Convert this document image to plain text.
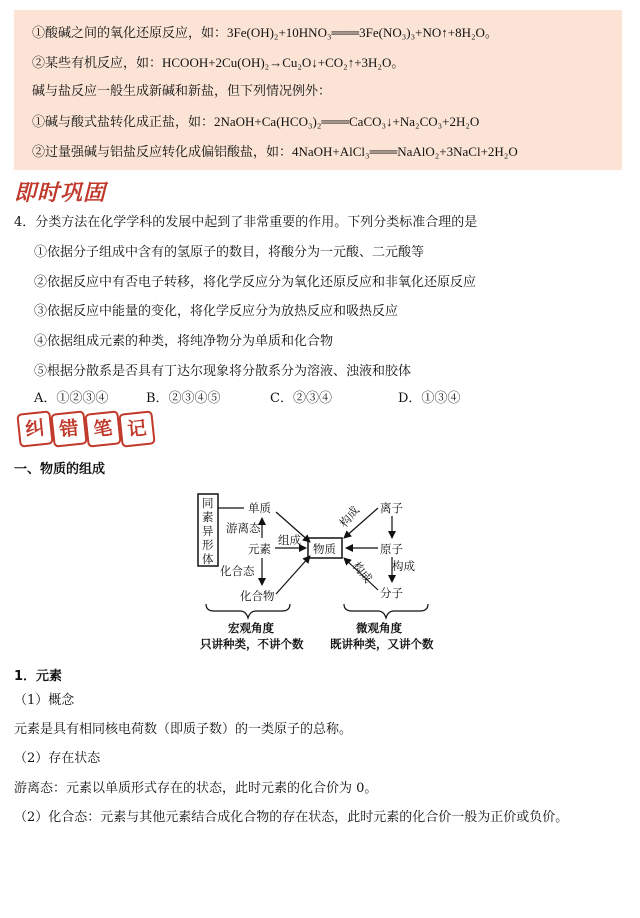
①酸碱之间的氧化还原反应，如：3Fe(OH)₂+10HNO₃═══3Fe(NO₃)₃+NO↑+8H₂O。
②某些有机反应，如：HCOOH+2Cu(OH)₂→Cu₂O↓+CO₂↑+3H₂O。
碱与盐反应一般生成新碱和新盐，但下列情况例外：
①碱与酸式盐转化成正盐，如：2NaOH+Ca(HCO₃)₂═══CaCO₃↓+Na₂CO₃+2H₂O
②过量强碱与铝盐反应转化成偏铝酸盐，如：4NaOH+AlCl₃═══NaAlO₂+3NaCl+2H₂O
即时巩固
4．分类方法在化学学科的发展中起到了非常重要的作用。下列分类标准合理的是
①依据分子组成中含有的氢原子的数目，将酸分为一元酸、二元酸等
②依据反应中有否电子转移，将化学反应分为氧化还原反应和非氧化还原反应
③依据反应中能量的变化，将化学反应分为放热反应和吸热反应
④依据组成元素的种类，将纯净物分为单质和化合物
⑤根据分散系是否具有丁达尔现象将分散系分为溶液、浊液和胶体
A．①②③④	B．②③④⑤	C．②③④	D．①③④
纠 错 笔 记
一、物质的组成
同
素
异
形
体
单质
游离态
元素
组成
化合态
化合物
物质
离子
构成
原子
构成
分子
构成
宏观角度
只讲种类，不讲个数
微观角度
既讲种类，又讲个数
1．元素
（1）概念
元素是具有相同核电荷数（即质子数）的一类原子的总称。
（2）存在状态
游离态：元素以单质形式存在的状态，此时元素的化合价为 0。
（2）化合态：元素与其他元素结合成化合物的存在状态，此时元素的化合价一般为正价或负价。
